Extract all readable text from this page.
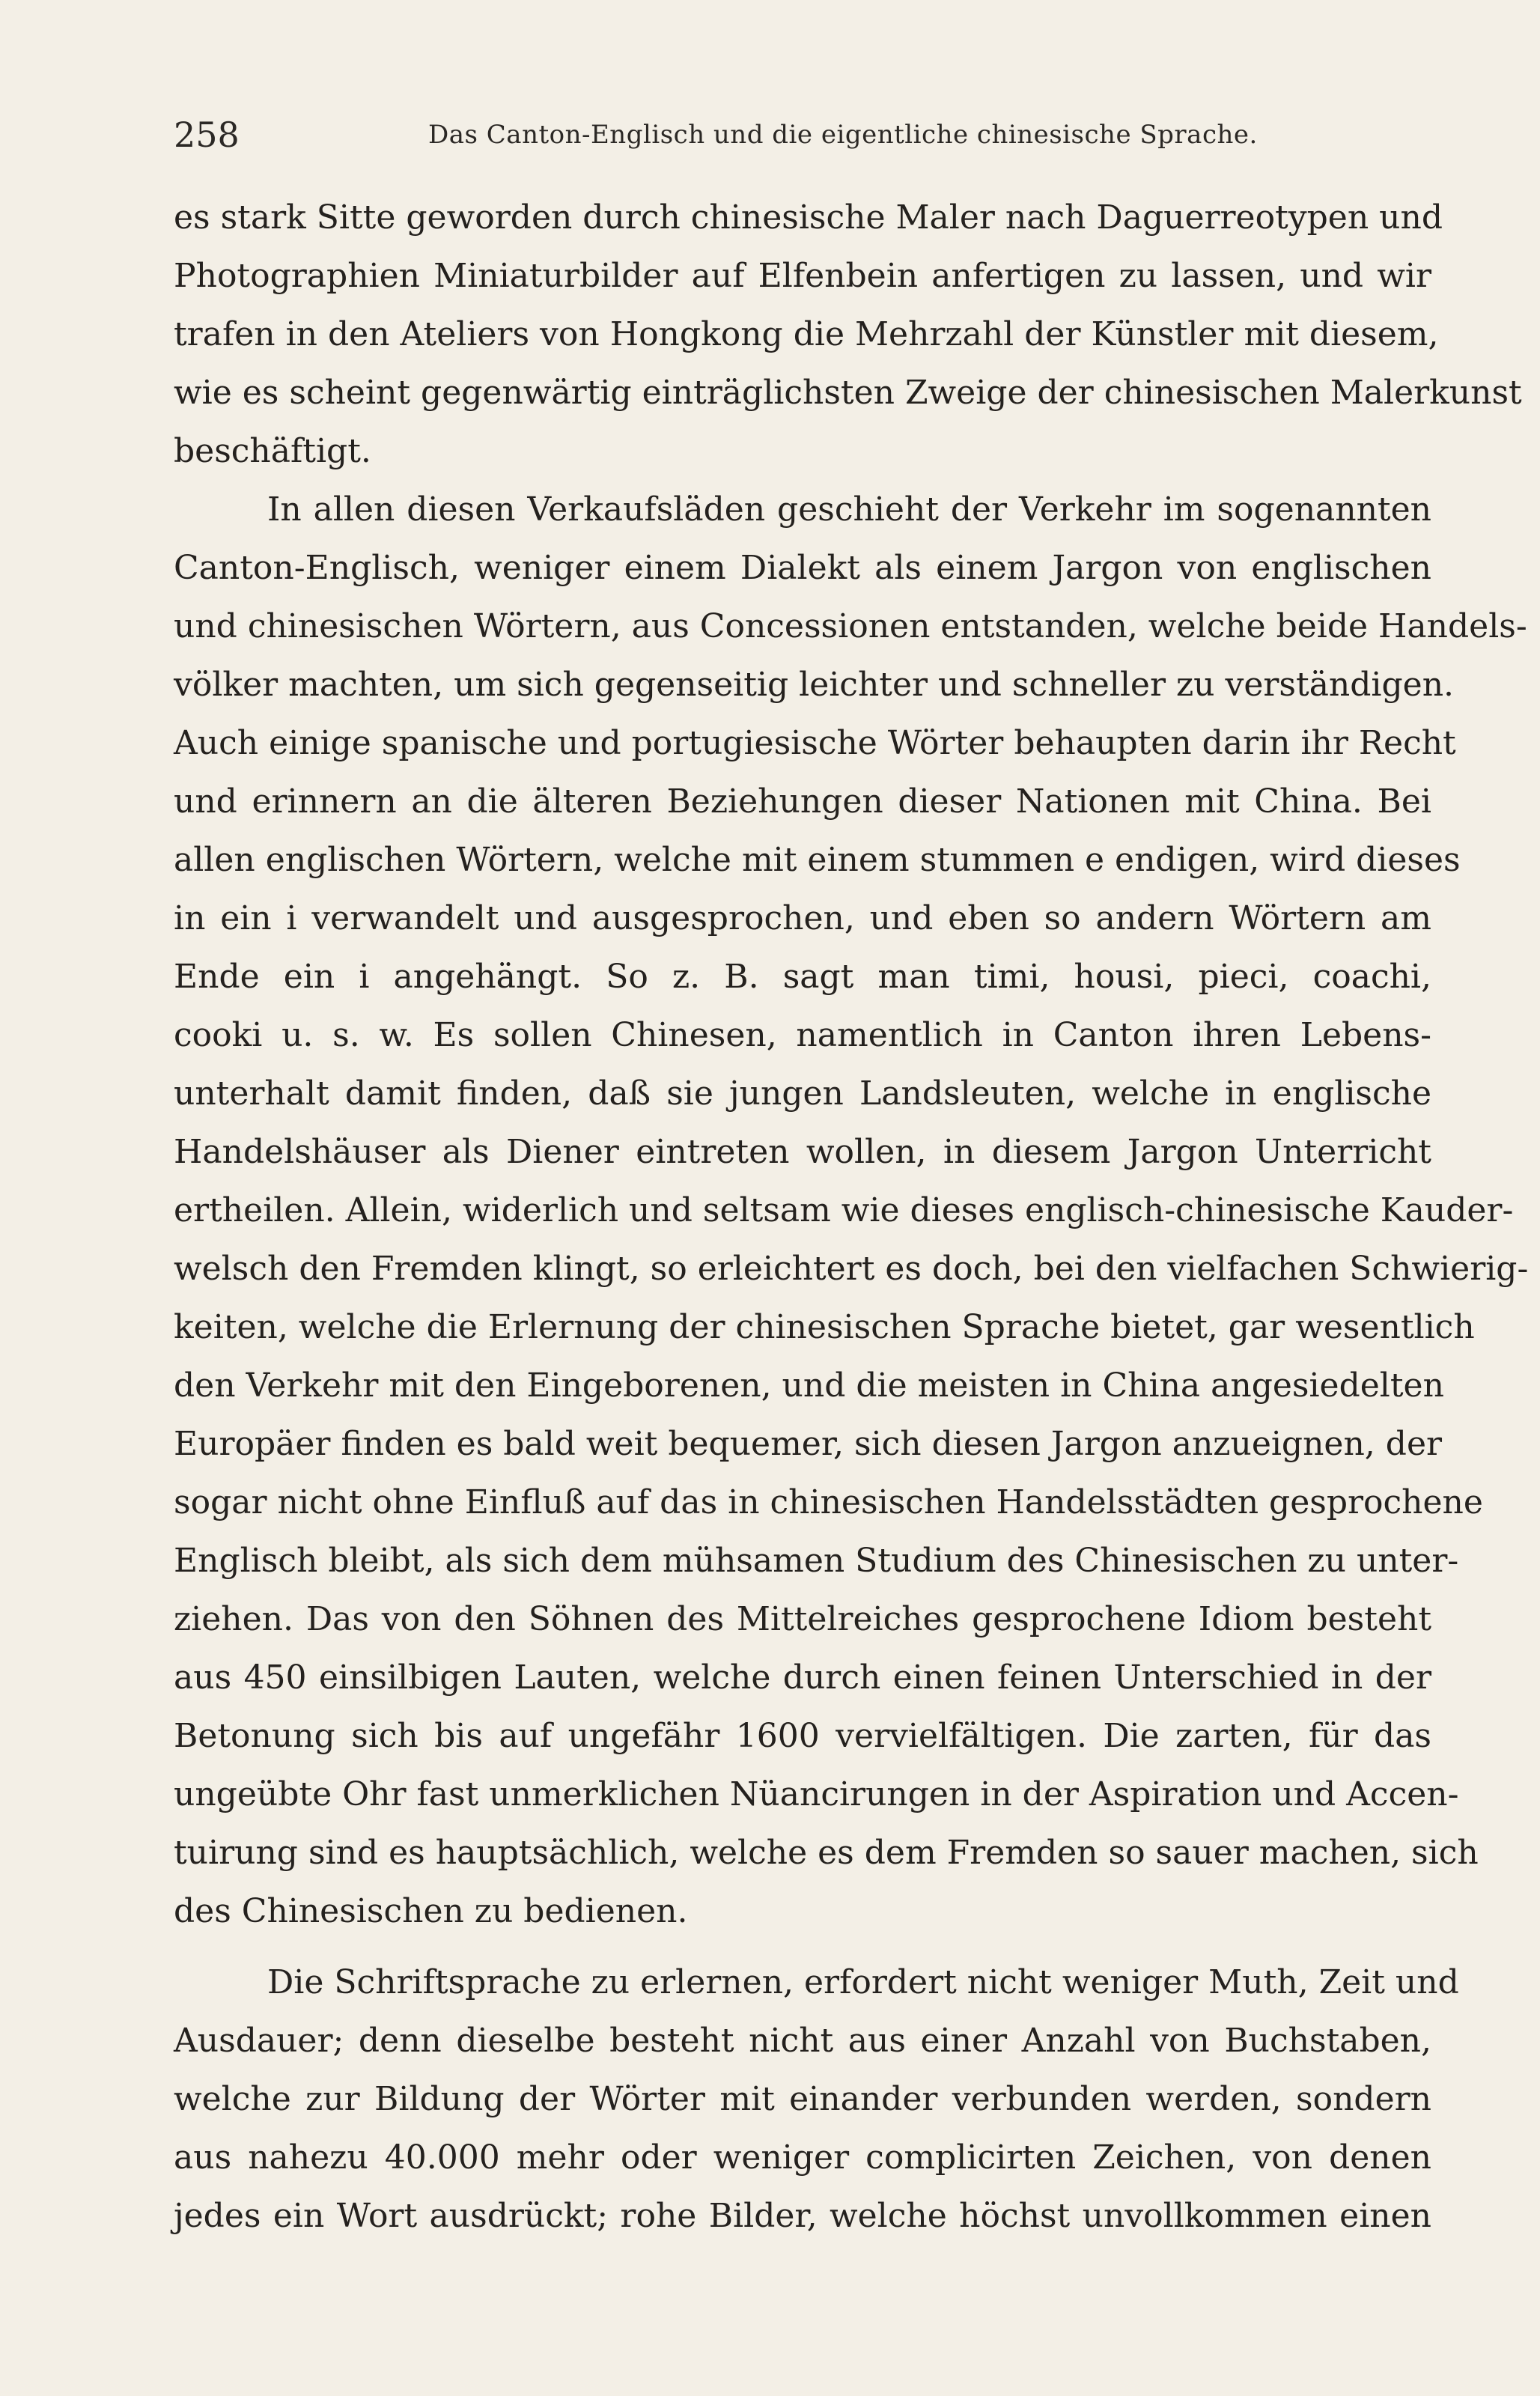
258	Das Canton-Englisch und die eigentliche chinesische Sprache.
es stark Sitte geworden durch chinesische Maler nach Daguerreotypen und
Photographien Miniaturbilder auf Elfenbein anfertigen zu lassen, und wir
trafen in den Ateliers von Hongkong die Mehrzahl der Künstler mit diesem,
wie es scheint gegenwärtig einträglichsten Zweige der chinesischen Malerkunst
beschäftigt.
In allen diesen Verkaufsläden geschieht der Verkehr im sogenannten
Canton-Englisch, weniger einem Dialekt als einem Jargon von englischen
und chinesischen Wörtern, aus Concessionen entstanden, welche beide Handels-
völker machten, um sich gegenseitig leichter und schneller zu verständigen.
Auch einige spanische und portugiesische Wörter behaupten darin ihr Recht
und erinnern an die älteren Beziehungen dieser Nationen mit China. Bei
allen englischen Wörtern, welche mit einem stummen e endigen, wird dieses
in ein i verwandelt und ausgesprochen, und eben so andern Wörtern am
Ende ein i angehängt. So z. B. sagt man timi, housi, pieci, coachi,
cooki u. s. w. Es sollen Chinesen, namentlich in Canton ihren Lebens-
unterhalt damit finden, daß sie jungen Landsleuten, welche in englische
Handelshäuser als Diener eintreten wollen, in diesem Jargon Unterricht
ertheilen. Allein, widerlich und seltsam wie dieses englisch-chinesische Kauder-
welsch den Fremden klingt, so erleichtert es doch, bei den vielfachen Schwierig-
keiten, welche die Erlernung der chinesischen Sprache bietet, gar wesentlich
den Verkehr mit den Eingeborenen, und die meisten in China angesiedelten
Europäer finden es bald weit bequemer, sich diesen Jargon anzueignen, der
sogar nicht ohne Einfluß auf das in chinesischen Handelsstädten gesprochene
Englisch bleibt, als sich dem mühsamen Studium des Chinesischen zu unter-
ziehen. Das von den Söhnen des Mittelreiches gesprochene Idiom besteht
aus 450 einsilbigen Lauten, welche durch einen feinen Unterschied in der
Betonung sich bis auf ungefähr 1600 vervielfältigen. Die zarten, für das
ungeübte Ohr fast unmerklichen Nüancirungen in der Aspiration und Accen-
tuirung sind es hauptsächlich, welche es dem Fremden so sauer machen, sich
des Chinesischen zu bedienen.
Die Schriftsprache zu erlernen, erfordert nicht weniger Muth, Zeit und
Ausdauer; denn dieselbe besteht nicht aus einer Anzahl von Buchstaben,
welche zur Bildung der Wörter mit einander verbunden werden, sondern
aus nahezu 40.000 mehr oder weniger complicirten Zeichen, von denen
jedes ein Wort ausdrückt; rohe Bilder, welche höchst unvollkommen einen
